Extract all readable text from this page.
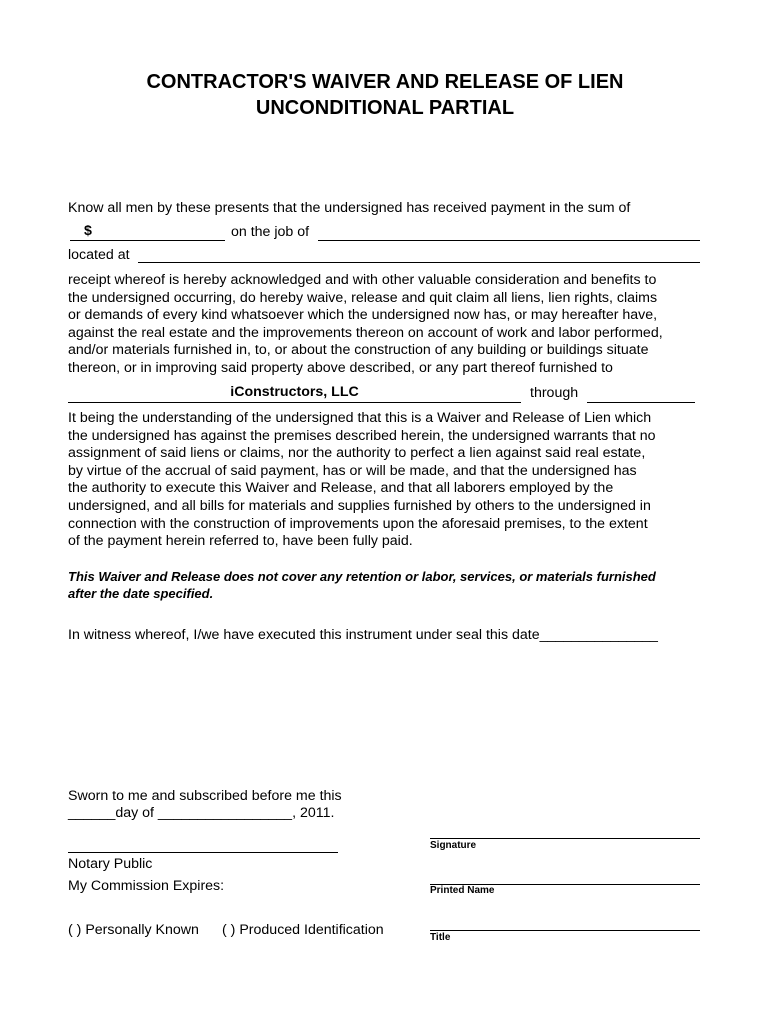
CONTRACTOR'S WAIVER AND RELEASE OF LIEN
UNCONDITIONAL PARTIAL
Know all men by these presents that the undersigned has received payment in the sum of
$	on the job of
located at
receipt whereof is hereby acknowledged and with other valuable consideration and benefits to
the undersigned occurring, do hereby waive, release and quit claim all liens, lien rights, claims
or demands of every kind whatsoever which the undersigned now has, or may hereafter have,
against the real estate and the improvements thereon on account of work and labor performed,
and/or materials furnished in, to, or about the construction of any building or buildings situate
thereon, or in improving said property above described, or any part thereof furnished to
iConstructors, LLC	through
It being the understanding of the undersigned that this is a Waiver and Release of Lien which
the undersigned has against the premises described herein, the undersigned warrants that no
assignment of said liens or claims, nor the authority to perfect a lien against said real estate,
by virtue of the accrual of said payment, has or will be made, and that the undersigned has
the authority to execute this Waiver and Release, and that all laborers employed by the
undersigned, and all bills for materials and supplies furnished by others to the undersigned in
connection with the construction of improvements upon the aforesaid premises, to the extent
of the payment herein referred to, have been fully paid.
This Waiver and Release does not cover any retention or labor, services, or materials furnished
after the date specified.
In witness whereof, I/we have executed this instrument under seal this date_______________
Sworn to me and subscribed before me this
______day of _________________, 2011.
Notary Public
My Commission Expires:
( ) Personally Known ( ) Produced Identification
Signature
Printed Name
Title
